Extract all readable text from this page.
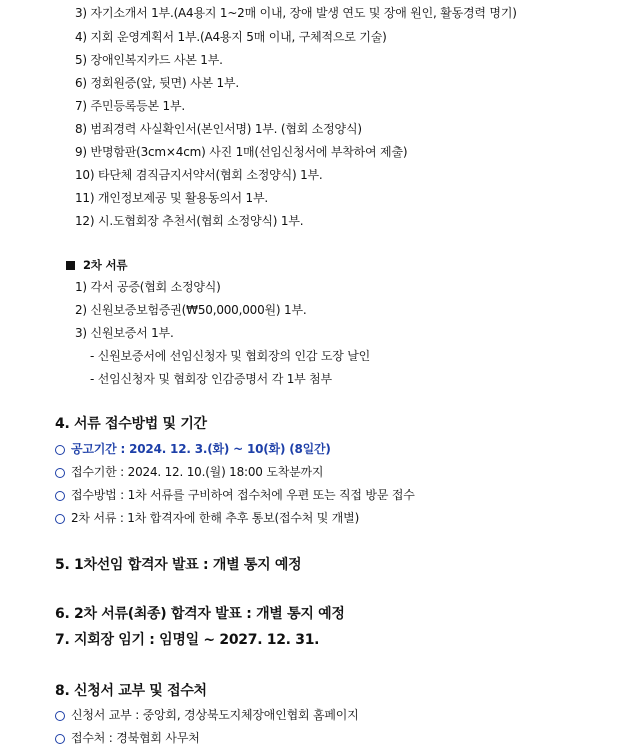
3) 자기소개서 1부.(A4용지 1~2매 이내, 장애 발생 연도 및 장애 원인, 활동경력 명기)
4) 지회 운영계획서 1부.(A4용지 5매 이내, 구체적으로 기술)
5) 장애인복지카드 사본 1부.
6) 정회원증(앞, 뒷면) 사본 1부.
7) 주민등록등본 1부.
8) 범죄경력 사실확인서(본인서명) 1부. (협회 소정양식)
9) 반명함판(3cm×4cm) 사진 1매(선임신청서에 부착하여 제출)
10) 타단체 겸직금지서약서(협회 소정양식) 1부.
11) 개인정보제공 및 활용동의서 1부.
12) 시.도협회장 추천서(협회 소정양식) 1부.
2차 서류
1) 각서 공증(협회 소정양식)
2) 신원보증보험증권(₩50,000,000원) 1부.
3) 신원보증서 1부.
- 신원보증서에 선임신청자 및 협회장의 인감 도장 날인
- 선임신청자 및 협회장 인감증명서 각 1부 첨부
4. 서류 접수방법 및 기간
공고기간 : 2024. 12. 3.(화) ~ 10(화) (8일간)
접수기한 : 2024. 12. 10.(월) 18:00 도착분까지
접수방법 : 1차 서류를 구비하여 접수처에 우편 또는 직접 방문 접수
2차 서류 : 1차 합격자에 한해 추후 통보(접수처 및 개별)
5. 1차선임 합격자 발표 : 개별 통지 예정
6. 2차 서류(최종) 합격자 발표 : 개별 통지 예정
7. 지회장 임기 : 임명일 ~ 2027. 12. 31.
8. 신청서 교부 및 접수처
신청서 교부 : 중앙회, 경상북도지체장애인협회 홈페이지
접수처 : 경북협회 사무처
